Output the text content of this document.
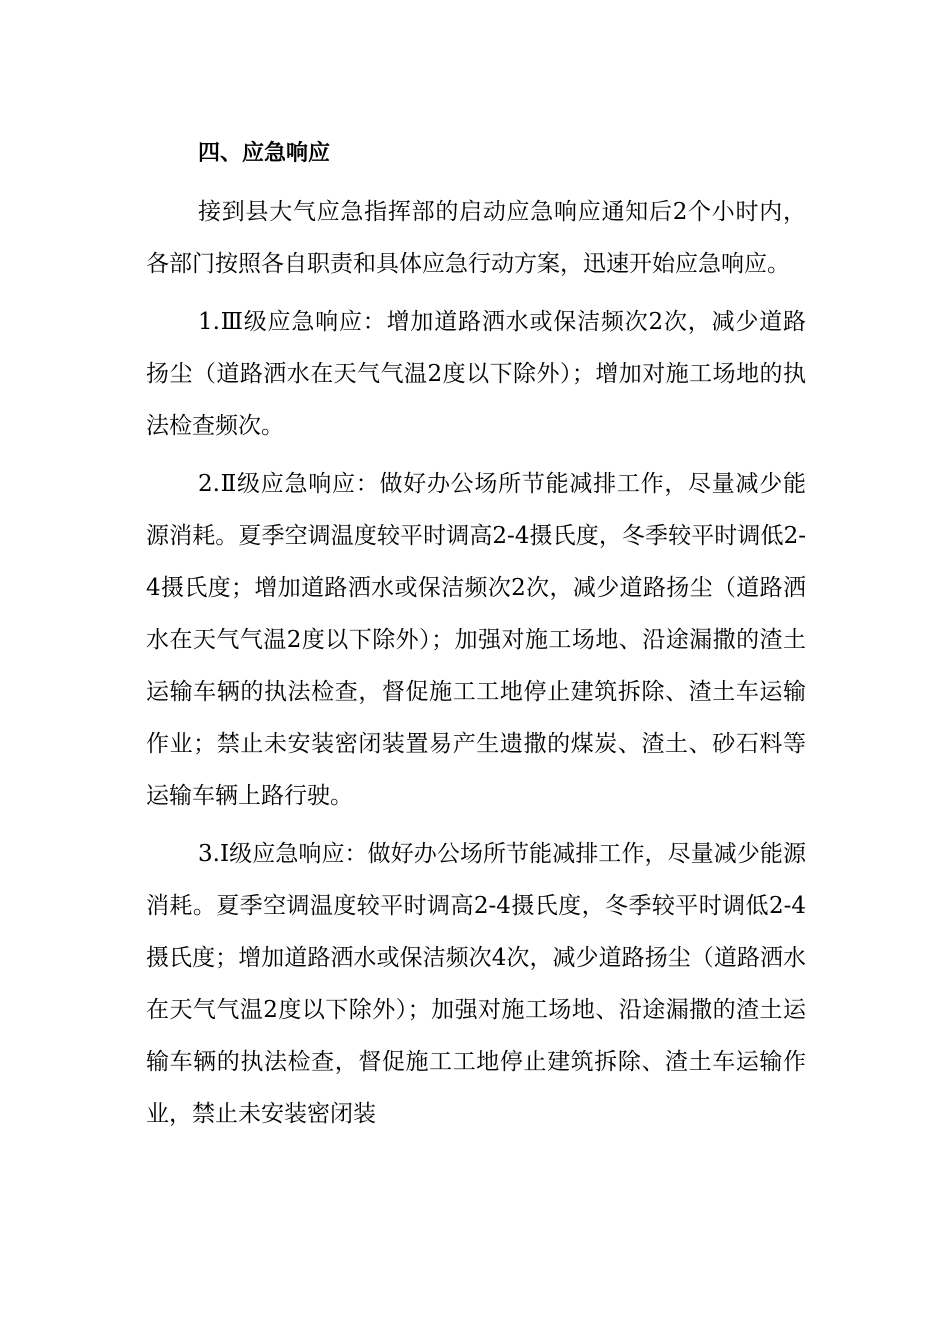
四、应急响应

接到县大气应急指挥部的启动应急响应通知后2个小时内，各部门按照各自职责和具体应急行动方案，迅速开始应急响应。

1.Ⅲ级应急响应：增加道路洒水或保洁频次2次，减少道路扬尘（道路洒水在天气气温2度以下除外）；增加对施工场地的执法检查频次。

2.Ⅱ级应急响应：做好办公场所节能减排工作，尽量减少能源消耗。夏季空调温度较平时调高2-4摄氏度，冬季较平时调低2-4摄氏度；增加道路洒水或保洁频次2次，减少道路扬尘（道路洒水在天气气温2度以下除外）；加强对施工场地、沿途漏撒的渣土运输车辆的执法检查，督促施工工地停止建筑拆除、渣土车运输作业；禁止未安装密闭装置易产生遗撒的煤炭、渣土、砂石料等运输车辆上路行驶。

3.Ⅰ级应急响应：做好办公场所节能减排工作，尽量减少能源消耗。夏季空调温度较平时调高2-4摄氏度，冬季较平时调低2-4摄氏度；增加道路洒水或保洁频次4次，减少道路扬尘（道路洒水在天气气温2度以下除外）；加强对施工场地、沿途漏撒的渣土运输车辆的执法检查，督促施工工地停止建筑拆除、渣土车运输作业，禁止未安装密闭装
